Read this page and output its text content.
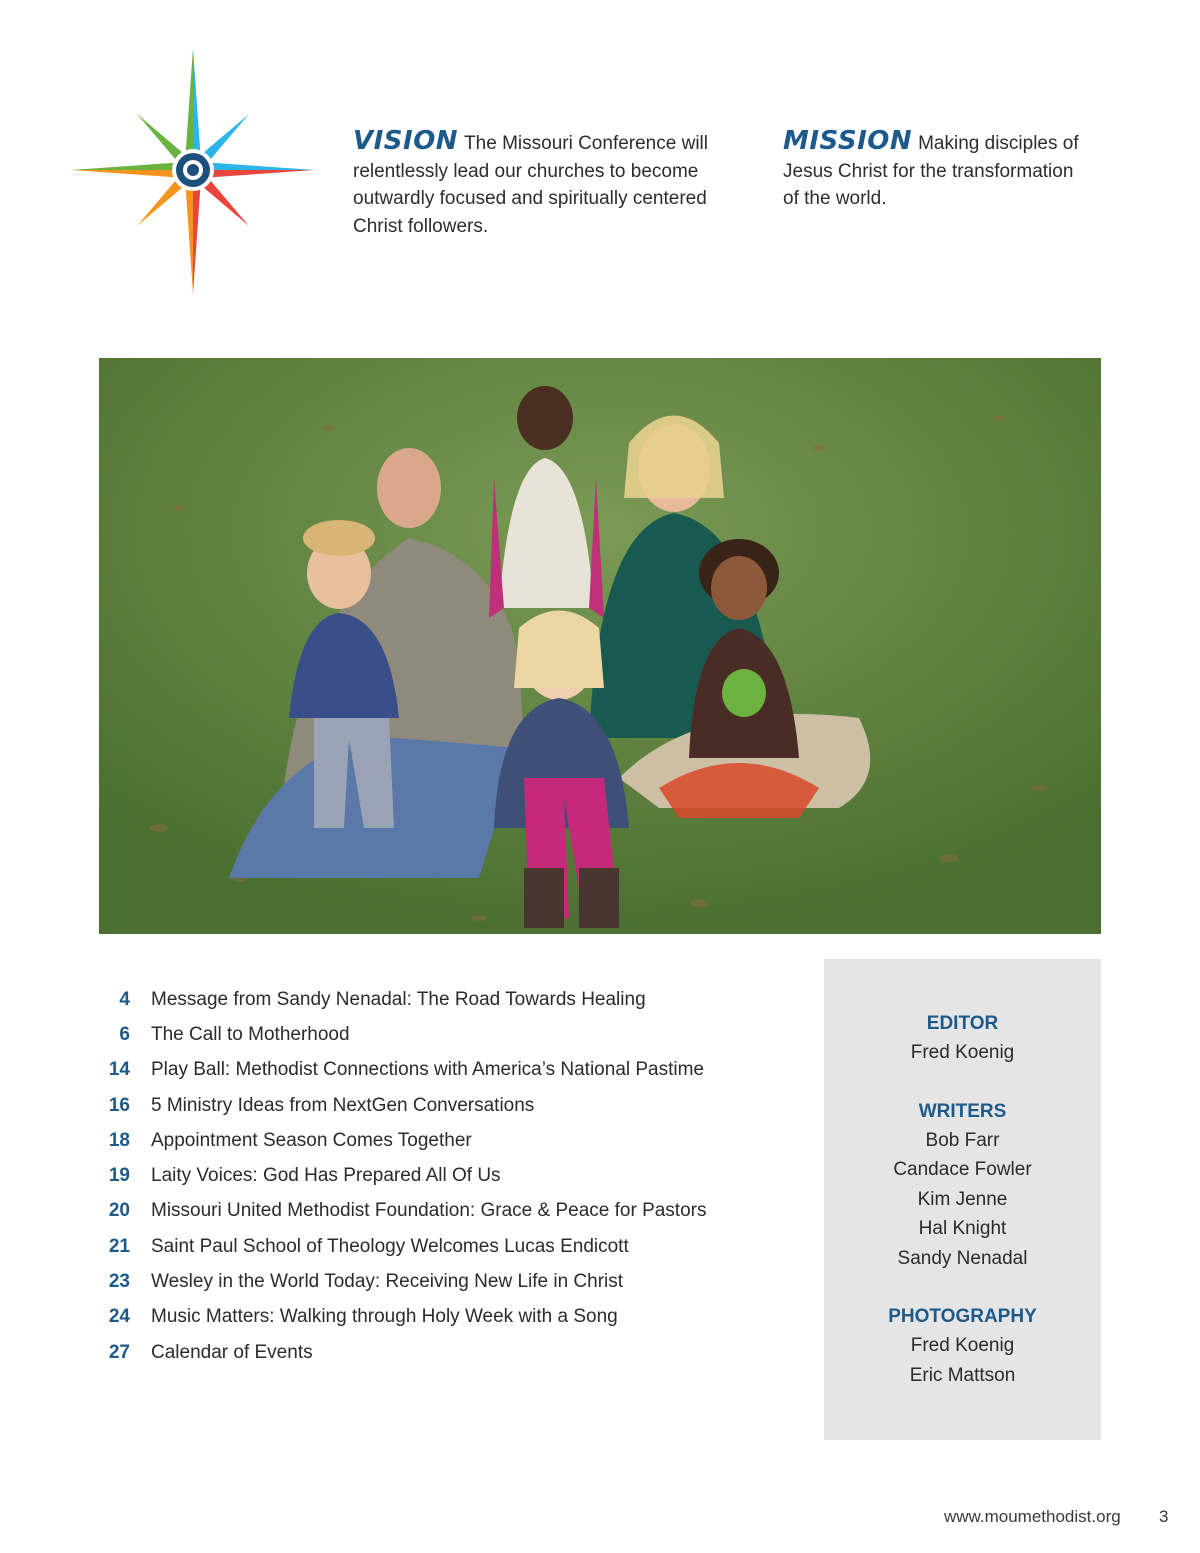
VISION The Missouri Conference will relentlessly lead our churches to become outwardly focused and spiritually centered Christ followers.
MISSION Making disciples of Jesus Christ for the transformation of the world.
4 Message from Sandy Nenadal: The Road Towards Healing
6 The Call to Motherhood
14 Play Ball: Methodist Connections with America’s National Pastime
16 5 Ministry Ideas from NextGen Conversations
18 Appointment Season Comes Together
19 Laity Voices: God Has Prepared All Of Us
20 Missouri United Methodist Foundation: Grace & Peace for Pastors
21 Saint Paul School of Theology Welcomes Lucas Endicott
23 Wesley in the World Today: Receiving New Life in Christ
24 Music Matters: Walking through Holy Week with a Song
27 Calendar of Events
EDITOR
Fred Koenig
WRITERS
Bob Farr
Candace Fowler
Kim Jenne
Hal Knight
Sandy Nenadal
PHOTOGRAPHY
Fred Koenig
Eric Mattson
www.moumethodist.org 3
